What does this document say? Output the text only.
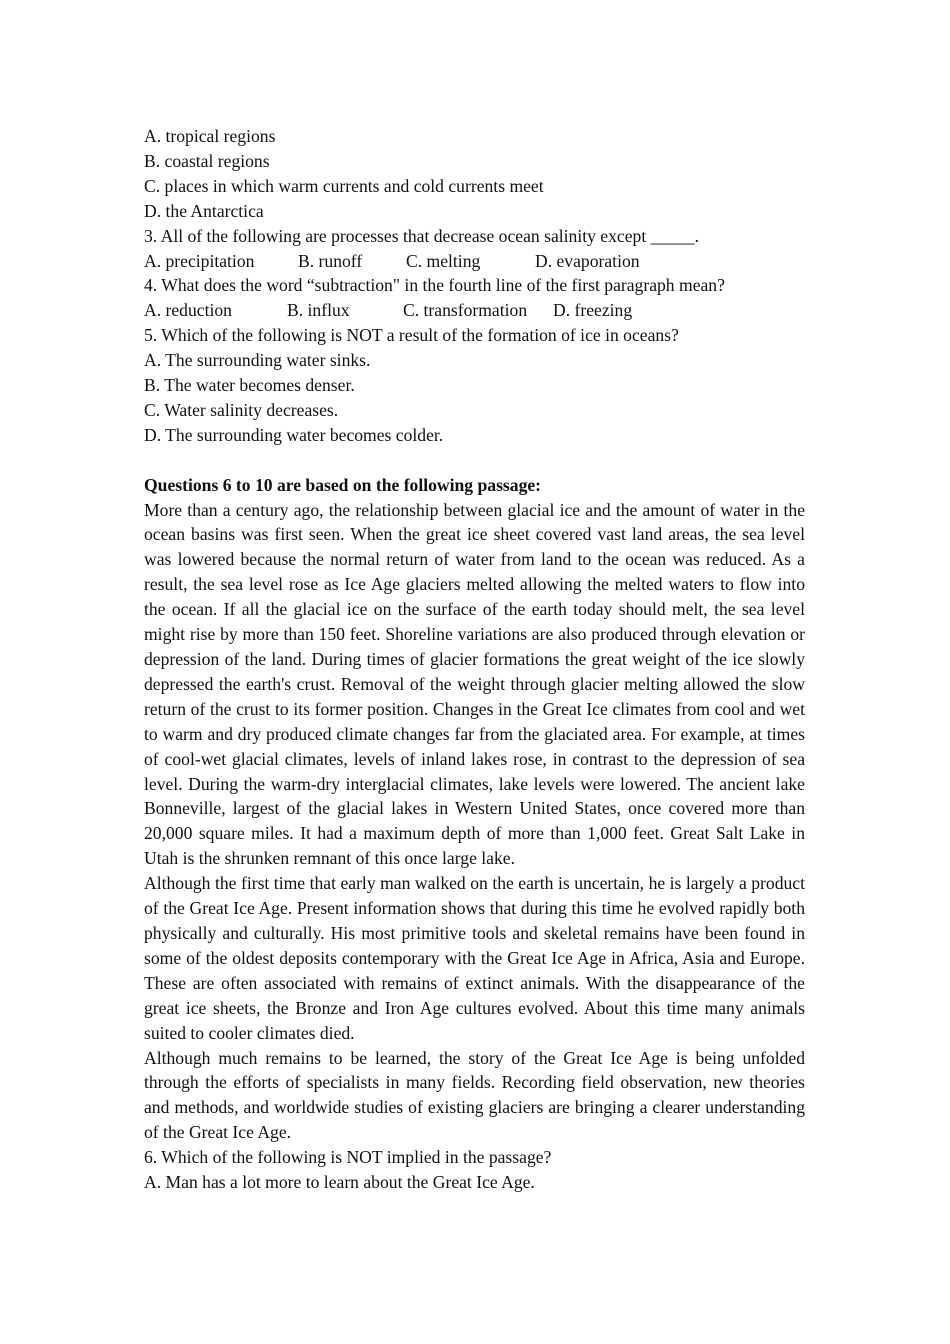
A. tropical regions
B. coastal regions
C. places in which warm currents and cold currents meet
D. the Antarctica
3. All of the following are processes that decrease ocean salinity except _____.
A. precipitation B. runoff C. melting	D. evaporation
4. What does the word “subtraction" in the fourth line of the first paragraph mean?
A. reduction	B. influx	C. transformation D. freezing
5. Which of the following is NOT a result of the formation of ice in oceans?
A. The surrounding water sinks.
B. The water becomes denser.
C. Water salinity decreases.
D. The surrounding water becomes colder.
Questions 6 to 10 are based on the following passage:
More than a century ago, the relationship between glacial ice and the amount of water in the ocean basins was first seen. When the great ice sheet covered vast land areas, the sea level was lowered because the normal return of water from land to the ocean was reduced. As a result, the sea level rose as Ice Age glaciers melted allowing the melted waters to flow into the ocean. If all the glacial ice on the surface of the earth today should melt, the sea level might rise by more than 150 feet. Shoreline variations are also produced through elevation or depression of the land. During times of glacier formations the great weight of the ice slowly depressed the earth's crust. Removal of the weight through glacier melting allowed the slow return of the crust to its former position. Changes in the Great Ice climates from cool and wet to warm and dry produced climate changes far from the glaciated area. For example, at times of cool-wet glacial climates, levels of inland lakes rose, in contrast to the depression of sea level. During the warm-dry interglacial climates, lake levels were lowered. The ancient lake Bonneville, largest of the glacial lakes in Western United States, once covered more than 20,000 square miles. It had a maximum depth of more than 1,000 feet. Great Salt Lake in Utah is the shrunken remnant of this once large lake.
Although the first time that early man walked on the earth is uncertain, he is largely a product of the Great Ice Age. Present information shows that during this time he evolved rapidly both physically and culturally. His most primitive tools and skeletal remains have been found in some of the oldest deposits contemporary with the Great Ice Age in Africa, Asia and Europe. These are often associated with remains of extinct animals. With the disappearance of the great ice sheets, the Bronze and Iron Age cultures evolved. About this time many animals suited to cooler climates died.
Although much remains to be learned, the story of the Great Ice Age is being unfolded through the efforts of specialists in many fields. Recording field observation, new theories and methods, and worldwide studies of existing glaciers are bringing a clearer understanding of the Great Ice Age.
6. Which of the following is NOT implied in the passage?
A. Man has a lot more to learn about the Great Ice Age.
